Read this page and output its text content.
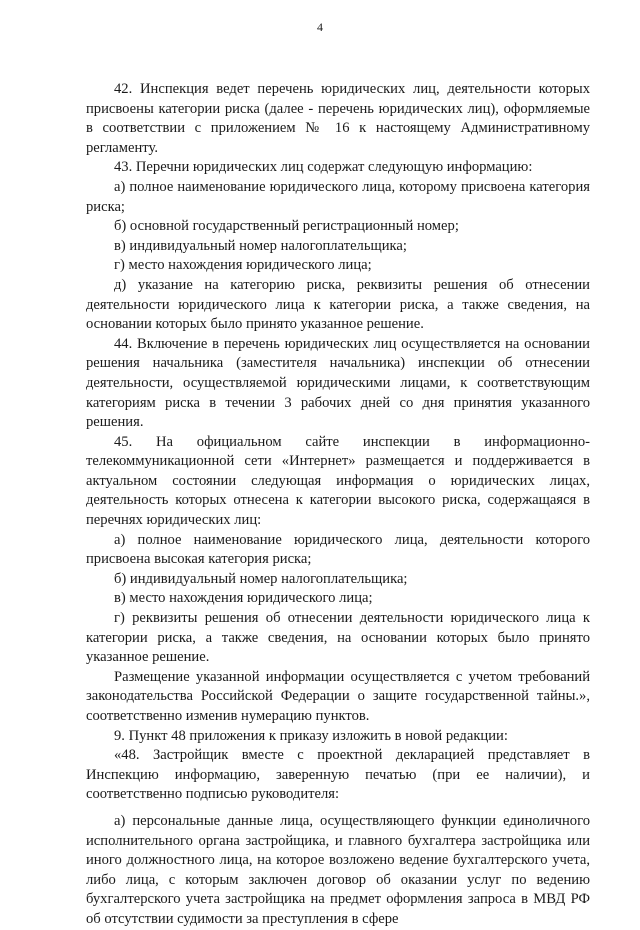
4

42. Инспекция ведет перечень юридических лиц, деятельности которых присвоены категории риска (далее - перечень юридических лиц), оформляемые в соответствии с приложением № 16 к настоящему Административному регламенту.

43. Перечни юридических лиц содержат следующую информацию:

а) полное наименование юридического лица, которому присвоена категория риска;

б) основной государственный регистрационный номер;

в) индивидуальный номер налогоплательщика;

г) место нахождения юридического лица;

д) указание на категорию риска, реквизиты решения об отнесении деятельности юридического лица к категории риска, а также сведения, на основании которых было принято указанное решение.

44. Включение в перечень юридических лиц осуществляется на основании решения начальника (заместителя начальника) инспекции об отнесении деятельности, осуществляемой юридическими лицами, к соответствующим категориям риска в течении 3 рабочих дней со дня принятия указанного решения.

45. На официальном сайте инспекции в информационно-телекоммуникационной сети «Интернет» размещается и поддерживается в актуальном состоянии следующая информация о юридических лицах, деятельность которых отнесена к категории высокого риска, содержащаяся в перечнях юридических лиц:

а) полное наименование юридического лица, деятельности которого присвоена высокая категория риска;

б) индивидуальный номер налогоплательщика;

в) место нахождения юридического лица;

г) реквизиты решения об отнесении деятельности юридического лица к категории риска, а также сведения, на основании которых было принято указанное решение.

Размещение указанной информации осуществляется с учетом требований законодательства Российской Федерации о защите государственной тайны.», соответственно изменив нумерацию пунктов.

9. Пункт 48 приложения к приказу изложить в новой редакции:

«48. Застройщик вместе с проектной декларацией представляет в Инспекцию информацию, заверенную печатью (при ее наличии), и соответственно подписью руководителя:

а) персональные данные лица, осуществляющего функции единоличного исполнительного органа застройщика, и главного бухгалтера застройщика или иного должностного лица, на которое возложено ведение бухгалтерского учета, либо лица, с которым заключен договор об оказании услуг по ведению бухгалтерского учета застройщика на предмет оформления запроса в МВД РФ об отсутствии судимости за преступления в сфере
